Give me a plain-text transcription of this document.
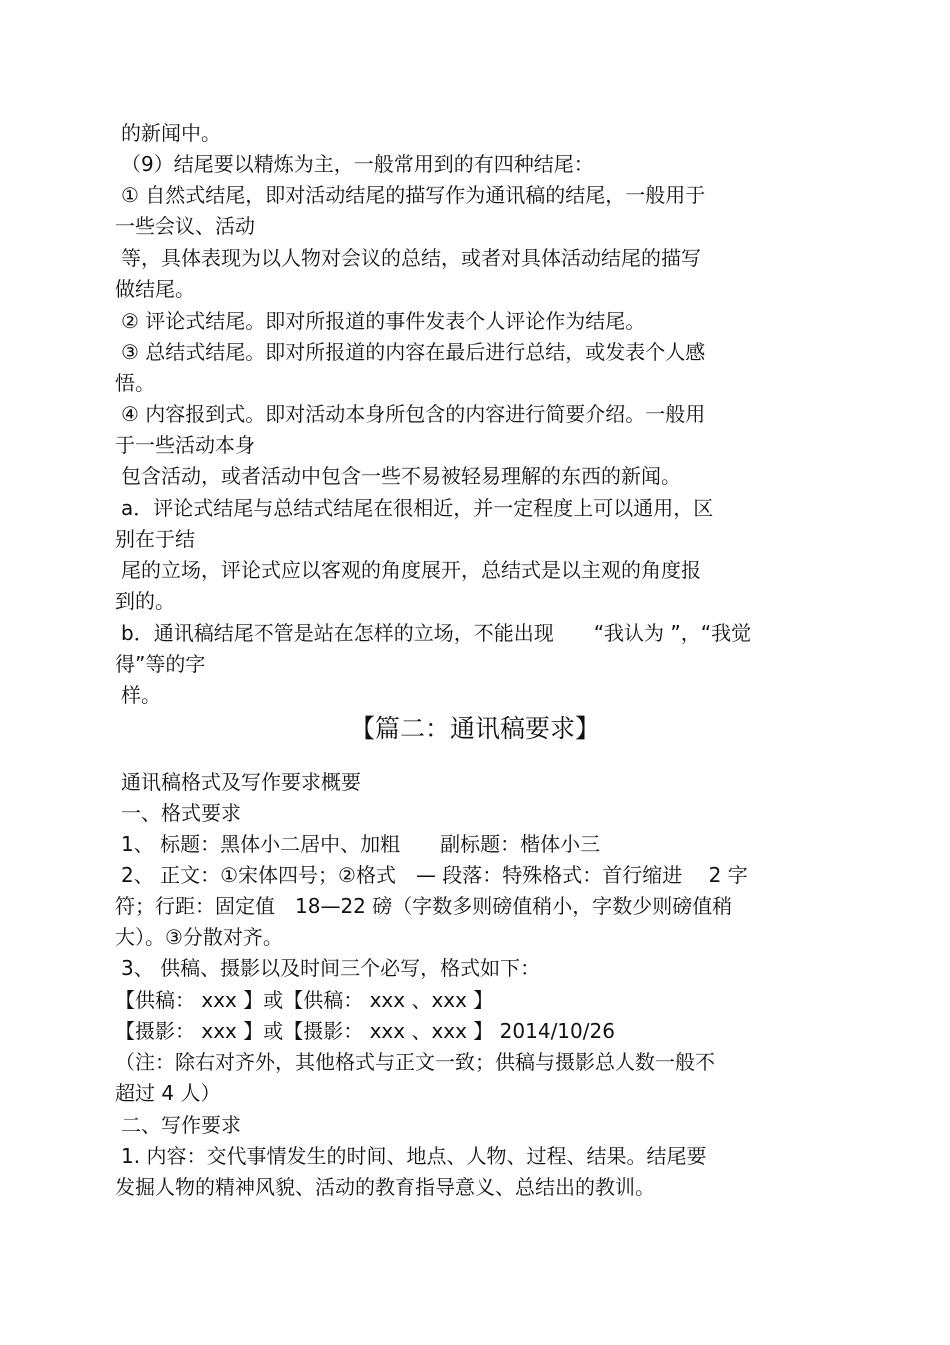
的新闻中。
（9）结尾要以精炼为主，一般常用到的有四种结尾：
① 自然式结尾，即对活动结尾的描写作为通讯稿的结尾，一般用于
一些会议、活动
等，具体表现为以人物对会议的总结，或者对具体活动结尾的描写
做结尾。
② 评论式结尾。即对所报道的事件发表个人评论作为结尾。
③ 总结式结尾。即对所报道的内容在最后进行总结，或发表个人感
悟。
④ 内容报到式。即对活动本身所包含的内容进行简要介绍。一般用
于一些活动本身
包含活动，或者活动中包含一些不易被轻易理解的东西的新闻。
a．评论式结尾与总结式结尾在很相近，并一定程度上可以通用，区
别在于结
尾的立场，评论式应以客观的角度展开，总结式是以主观的角度报
到的。
b．通讯稿结尾不管是站在怎样的立场，不能出现　　“我认为 ”，“我觉
得”等的字
样。
【篇二：通讯稿要求】
通讯稿格式及写作要求概要
一、格式要求
1、 标题：黑体小二居中、加粗　　副标题：楷体小三
2、 正文：①宋体四号；②格式　— 段落：特殊格式：首行缩进　 2 字
符；行距：固定值　18—22 磅（字数多则磅值稍小，字数少则磅值稍
大）。③分散对齐。
3、 供稿、摄影以及时间三个必写，格式如下：
【供稿： xxx 】或【供稿： xxx 、xxx 】
【摄影： xxx 】或【摄影： xxx 、xxx 】 2014/10/26
（注：除右对齐外，其他格式与正文一致；供稿与摄影总人数一般不
超过 4 人）
二、写作要求
1. 内容：交代事情发生的时间、地点、人物、过程、结果。结尾要
发掘人物的精神风貌、活动的教育指导意义、总结出的教训。
